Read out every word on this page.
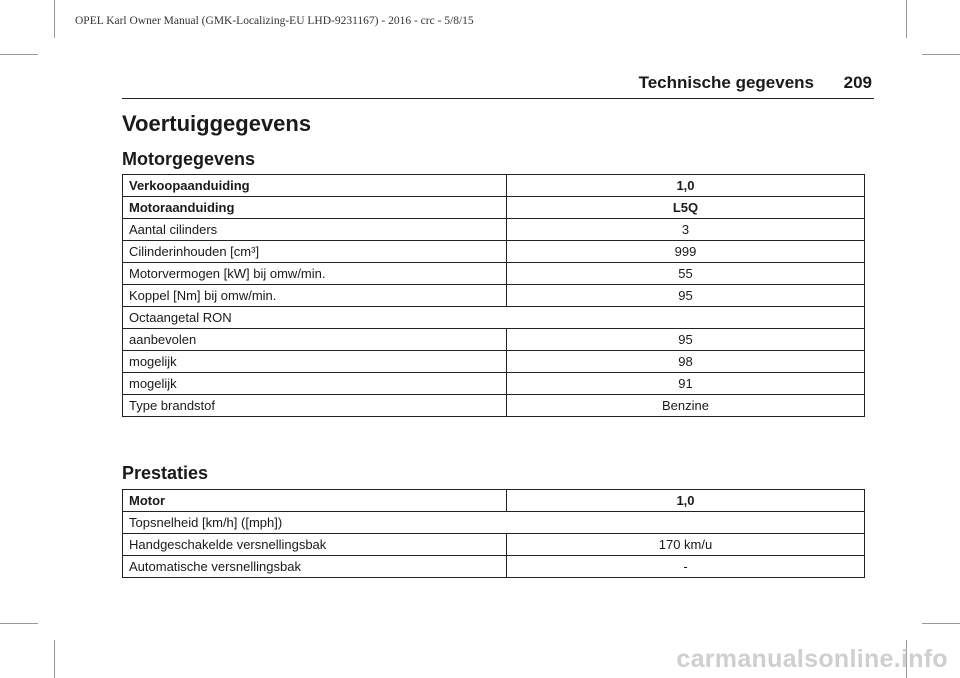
OPEL Karl Owner Manual (GMK-Localizing-EU LHD-9231167) - 2016 - crc - 5/8/15
Technische gegevens 209
Voertuiggegevens
Motorgegevens
Verkoopaanduiding	1,0
Motoraanduiding	L5Q
Aantal cilinders	3
Cilinderinhouden [cm³]	999
Motorvermogen [kW] bij omw/min.	55
Koppel [Nm] bij omw/min.	95
Octaangetal RON	
aanbevolen	95
mogelijk	98
mogelijk	91
Type brandstof	Benzine
Prestaties
Motor	1,0
Topsnelheid [km/h] ([mph])	
Handgeschakelde versnellingsbak	170 km/u
Automatische versnellingsbak	-
carmanualsonline.info
